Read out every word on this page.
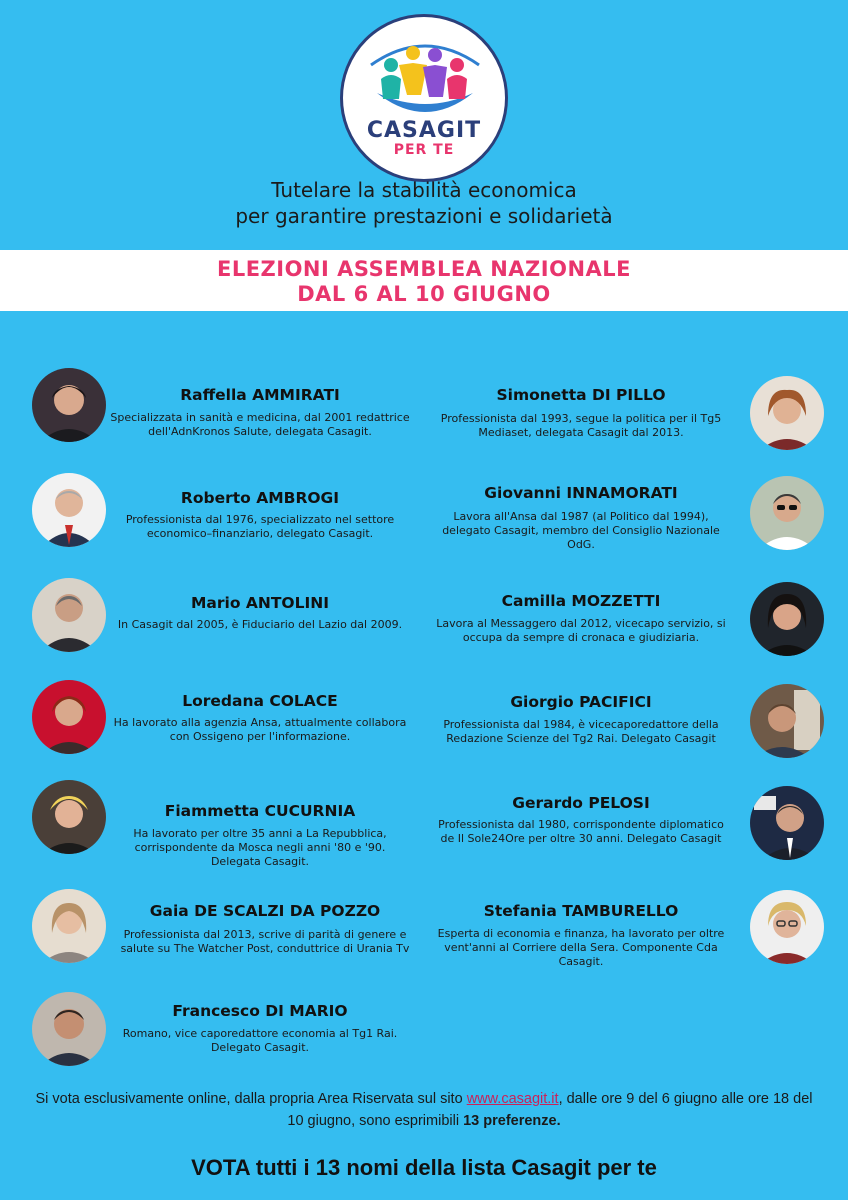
CASAGIT
PER TE
Tutelare la stabilità economica
per garantire prestazioni e solidarietà
ELEZIONI ASSEMBLEA NAZIONALE
DAL 6 AL 10 GIUGNO
Raffella AMMIRATI
Specializzata in sanità e medicina, dal 2001 redattrice dell'AdnKronos Salute, delegata Casagit.
Roberto AMBROGI
Professionista dal 1976, specializzato nel settore economico–finanziario, delegato Casagit.
Mario ANTOLINI
In Casagit dal 2005, è Fiduciario del Lazio dal 2009.
Loredana COLACE
Ha lavorato alla agenzia Ansa, attualmente collabora con Ossigeno per l'informazione.
Fiammetta CUCURNIA
Ha lavorato per oltre 35 anni a La Repubblica, corrispondente da Mosca negli anni '80 e '90. Delegata Casagit.
Gaia DE SCALZI DA POZZO
Professionista dal 2013, scrive di parità di genere e salute su The Watcher Post, conduttrice di Urania Tv
Francesco DI MARIO
Romano, vice caporedattore economia al Tg1 Rai. Delegato Casagit.
Simonetta DI PILLO
Professionista dal 1993, segue la politica per il Tg5 Mediaset, delegata Casagit dal 2013.
Giovanni INNAMORATI
Lavora all'Ansa dal 1987 (al Politico dal 1994), delegato Casagit, membro del Consiglio Nazionale OdG.
Camilla MOZZETTI
Lavora al Messaggero dal 2012, vicecapo servizio, si occupa da sempre di cronaca e giudiziaria.
Giorgio PACIFICI
Professionista dal 1984, è vicecaporedattore della Redazione Scienze del Tg2 Rai. Delegato Casagit
Gerardo PELOSI
Professionista dal 1980, corrispondente diplomatico de Il Sole24Ore per oltre 30 anni. Delegato Casagit
Stefania TAMBURELLO
Esperta di economia e finanza, ha lavorato per oltre vent'anni al Corriere della Sera. Componente Cda Casagit.
Si vota esclusivamente online, dalla propria Area Riservata sul sito www.casagit.it, dalle ore 9 del 6 giugno alle ore 18 del 10 giugno, sono esprimibili 13 preferenze.
VOTA tutti i 13 nomi della lista Casagit per te
